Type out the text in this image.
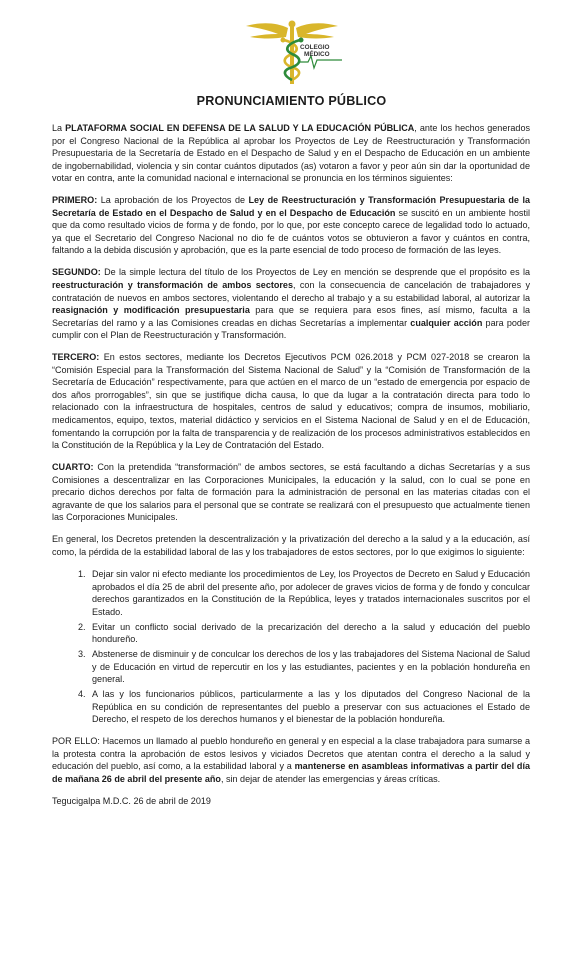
COLEGIO
MÉDICO
PRONUNCIAMIENTO PÚBLICO

La PLATAFORMA SOCIAL EN DEFENSA DE LA SALUD Y LA EDUCACIÓN PÚBLICA, ante los hechos generados por el Congreso Nacional de la República al aprobar los Proyectos de Ley de Reestructuración y Transformación Presupuestaria de la Secretaría de Estado en el Despacho de Salud y en el Despacho de Educación en un ambiente de ingobernabilidad, violencia y sin contar cuántos diputados (as) votaron a favor y peor aún sin dar la oportunidad de votar en contra, ante la comunidad nacional e internacional se pronuncia en los términos siguientes:

PRIMERO: La aprobación de los Proyectos de Ley de Reestructuración y Transformación Presupuestaria de la Secretaría de Estado en el Despacho de Salud y en el Despacho de Educación se suscitó en un ambiente hostil que da como resultado vicios de forma y de fondo, por lo que, por este concepto carece de legalidad todo lo actuado, ya que el Secretario del Congreso Nacional no dio fe de cuántos votos se obtuvieron a favor y cuántos en contra, faltando a la debida discusión y aprobación, que es la parte esencial de todo proceso de formación de las leyes.

SEGUNDO: De la simple lectura del título de los Proyectos de Ley en mención se desprende que el propósito es la reestructuración y transformación de ambos sectores, con la consecuencia de cancelación de trabajadores y contratación de nuevos en ambos sectores, violentando el derecho al trabajo y a su estabilidad laboral, al autorizar la reasignación y modificación presupuestaria para que se requiera para esos fines, así mismo, faculta a la Secretarías del ramo y a las Comisiones creadas en dichas Secretarías a implementar cualquier acción para poder cumplir con el Plan de Reestructuración y Transformación.

TERCERO: En estos sectores, mediante los Decretos Ejecutivos PCM 026.2018 y PCM 027-2018 se crearon la “Comisión Especial para la Transformación del Sistema Nacional de Salud” y la “Comisión de Transformación de la Secretaría de Educación” respectivamente, para que actúen en el marco de un “estado de emergencia por espacio de dos años prorrogables”, sin que se justifique dicha causa, lo que da lugar a la contratación directa para todo lo relacionado con la infraestructura de hospitales, centros de salud y educativos; compra de insumos, mobiliario, medicamentos, equipo, textos, material didáctico y servicios en el Sistema Nacional de Salud y en el de Educación, fomentando la corrupción por la falta de transparencia y de realización de los procesos administrativos establecidos en la Constitución de la República y la Ley de Contratación del Estado.

CUARTO: Con la pretendida “transformación” de ambos sectores, se está facultando a dichas Secretarías y a sus Comisiones a descentralizar en las Corporaciones Municipales, la educación y la salud, con lo cual se pone en precario dichos derechos por falta de formación para la administración de personal en las materias citadas con el agravante de que los salarios para el personal que se contrate se realizará con el presupuesto que actualmente tienen las Corporaciones Municipales.

En general, los Decretos pretenden la descentralización y la privatización del derecho a la salud y a la educación, así como, la pérdida de la estabilidad laboral de las y los trabajadores de estos sectores, por lo que exigimos lo siguiente:

1. Dejar sin valor ni efecto mediante los procedimientos de Ley, los Proyectos de Decreto en Salud y Educación aprobados el día 25 de abril del presente año, por adolecer de graves vicios de forma y de fondo y conculcar derechos garantizados en la Constitución de la República, leyes y tratados internacionales suscritos por el Estado.
2. Evitar un conflicto social derivado de la precarización del derecho a la salud y educación del pueblo hondureño.
3. Abstenerse de disminuir y de conculcar los derechos de los y las trabajadores del Sistema Nacional de Salud y de Educación en virtud de repercutir en los y las estudiantes, pacientes y en la población hondureña en general.
4. A las y los funcionarios públicos, particularmente a las y los diputados del Congreso Nacional de la República en su condición de representantes del pueblo a preservar con sus actuaciones el Estado de Derecho, el respeto de los derechos humanos y el bienestar de la población hondureña.

POR ELLO: Hacemos un llamado al pueblo hondureño en general y en especial a la clase trabajadora para sumarse a la protesta contra la aprobación de estos lesivos y viciados Decretos que atentan contra el derecho a la salud y educación del pueblo, así como, a la estabilidad laboral y a mantenerse en asambleas informativas a partir del día de mañana 26 de abril del presente año, sin dejar de atender las emergencias y áreas críticas.

Tegucigalpa M.D.C. 26 de abril de 2019
